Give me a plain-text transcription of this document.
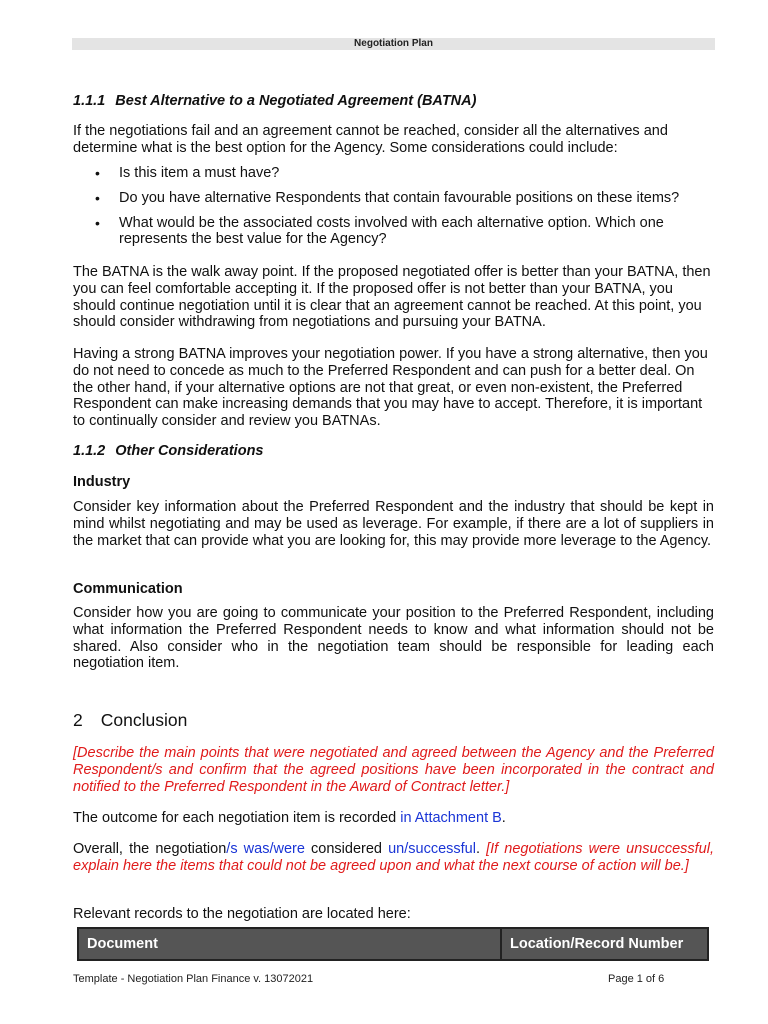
Negotiation Plan
1.1.1 Best Alternative to a Negotiated Agreement (BATNA)

If the negotiations fail and an agreement cannot be reached, consider all the alternatives and determine what is the best option for the Agency. Some considerations could include:

• Is this item a must have?
• Do you have alternative Respondents that contain favourable positions on these items?
• What would be the associated costs involved with each alternative option. Which one represents the best value for the Agency?

The BATNA is the walk away point. If the proposed negotiated offer is better than your BATNA, then you can feel comfortable accepting it. If the proposed offer is not better than your BATNA, you should continue negotiation until it is clear that an agreement cannot be reached. At this point, you should consider withdrawing from negotiations and pursuing your BATNA.

Having a strong BATNA improves your negotiation power. If you have a strong alternative, then you do not need to concede as much to the Preferred Respondent and can push for a better deal. On the other hand, if your alternative options are not that great, or even non-existent, the Preferred Respondent can make increasing demands that you may have to accept. Therefore, it is important to continually consider and review you BATNAs.

1.1.2 Other Considerations
Industry

Consider key information about the Preferred Respondent and the industry that should be kept in mind whilst negotiating and may be used as leverage. For example, if there are a lot of suppliers in the market that can provide what you are looking for, this may provide more leverage to the Agency.

Communication

Consider how you are going to communicate your position to the Preferred Respondent, including what information the Preferred Respondent needs to know and what information should not be shared. Also consider who in the negotiation team should be responsible for leading each negotiation item.

2 Conclusion

[Describe the main points that were negotiated and agreed between the Agency and the Preferred Respondent/s and confirm that the agreed positions have been incorporated in the contract and notified to the Preferred Respondent in the Award of Contract letter.]

The outcome for each negotiation item is recorded in Attachment B.

Overall, the negotiation/s was/were considered un/successful. [If negotiations were unsuccessful, explain here the items that could not be agreed upon and what the next course of action will be.]

Relevant records to the negotiation are located here:

Document	Location/Record Number
Template - Negotiation Plan Finance v. 13072021	Page 1 of 6
